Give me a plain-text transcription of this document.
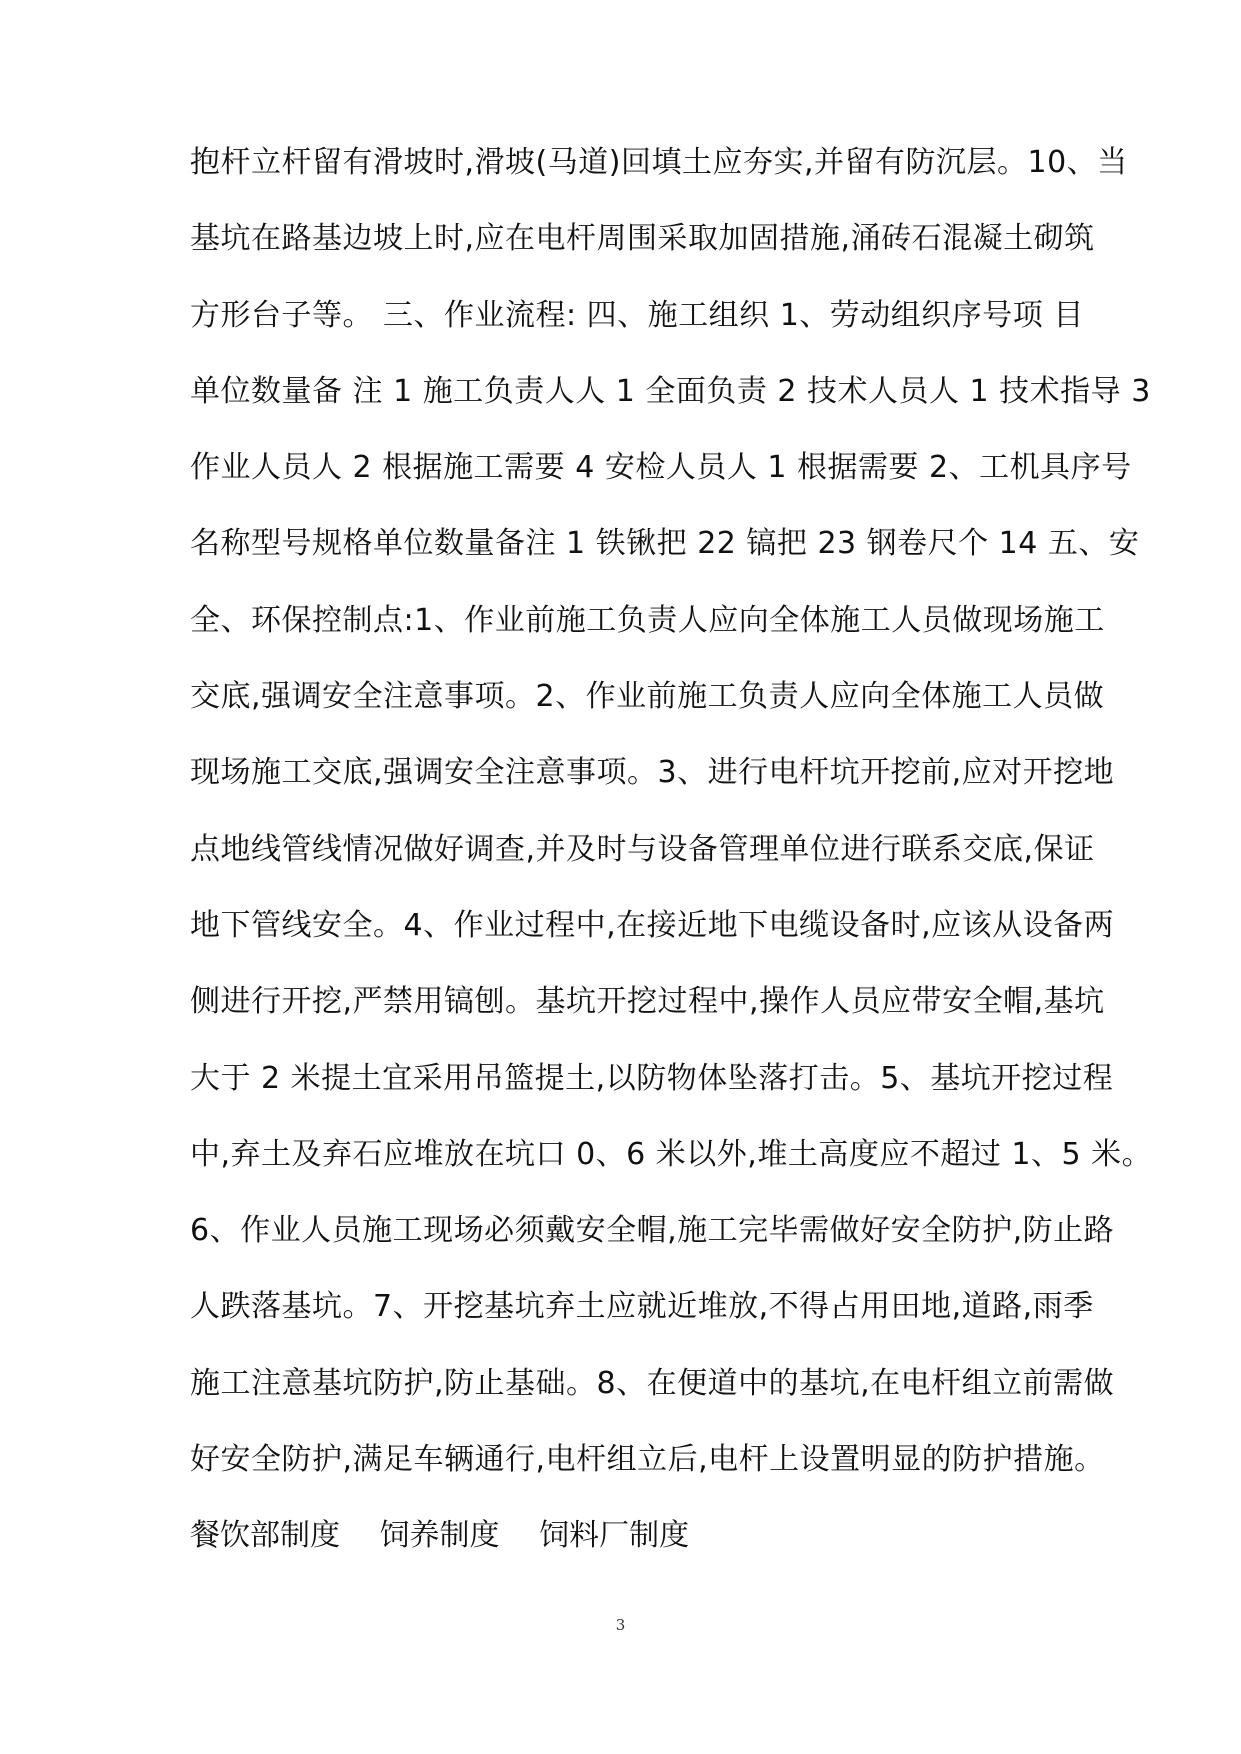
抱杆立杆留有滑坡时,滑坡(马道)回填土应夯实,并留有防沉层。10、当
基坑在路基边坡上时,应在电杆周围采取加固措施,涌砖石混凝土砌筑
方形台子等。 三、作业流程: 四、施工组织 1、劳动组织序号项 目
单位数量备 注 1 施工负责人人 1 全面负责 2 技术人员人 1 技术指导 3
作业人员人 2 根据施工需要 4 安检人员人 1 根据需要 2、工机具序号
名称型号规格单位数量备注 1 铁锹把 22 镐把 23 钢卷尺个 14 五、安
全、环保控制点:1、作业前施工负责人应向全体施工人员做现场施工
交底,强调安全注意事项。2、作业前施工负责人应向全体施工人员做
现场施工交底,强调安全注意事项。3、进行电杆坑开挖前,应对开挖地
点地线管线情况做好调查,并及时与设备管理单位进行联系交底,保证
地下管线安全。4、作业过程中,在接近地下电缆设备时,应该从设备两
侧进行开挖,严禁用镐刨。基坑开挖过程中,操作人员应带安全帽,基坑
大于 2 米提土宜采用吊篮提土,以防物体坠落打击。5、基坑开挖过程
中,弃土及弃石应堆放在坑口 0、6 米以外,堆土高度应不超过 1、5 米。
6、作业人员施工现场必须戴安全帽,施工完毕需做好安全防护,防止路
人跌落基坑。7、开挖基坑弃土应就近堆放,不得占用田地,道路,雨季
施工注意基坑防护,防止基础。8、在便道中的基坑,在电杆组立前需做
好安全防护,满足车辆通行,电杆组立后,电杆上设置明显的防护措施。
餐饮部制度 饲养制度 饲料厂制度
3
